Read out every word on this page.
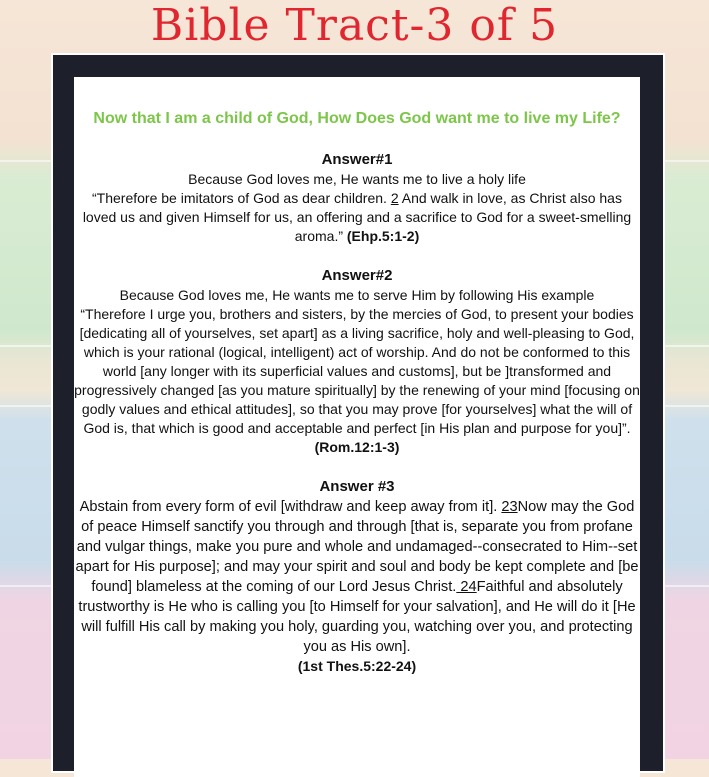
Bible Tract-3 of 5

Now that I am a child of God, How Does God want me to live my Life?

Answer#1

Because God loves me, He wants me to live a holy life

“Therefore be imitators of God as dear children. 2 And walk in love, as Christ also has loved us and given Himself for us, an offering and a sacrifice to God for a sweet-smelling aroma.” (Ehp.5:1-2)

Answer#2

Because God loves me, He wants me to serve Him by following His example

“Therefore I urge you, brothers and sisters, by the mercies of God, to present your bodies [dedicating all of yourselves, set apart] as a living sacrifice, holy and well-pleasing to God, which is your rational (logical, intelligent) act of worship. And do not be conformed to this world [any longer with its superficial values and customs], but be ]transformed and progressively changed [as you mature spiritually] by the renewing of your mind [focusing on godly values and ethical attitudes], so that you may prove [for yourselves] what the will of God is, that which is good and acceptable and perfect [in His plan and purpose for you]”. (Rom.12:1-3)

Answer #3

Abstain from every form of evil [withdraw and keep away from it]. 23Now may the God of peace Himself sanctify you through and through [that is, separate you from profane and vulgar things, make you pure and whole and undamaged--consecrated to Him--set apart for His purpose]; and may your spirit and soul and body be kept complete and [be found] blameless at the coming of our Lord Jesus Christ. 24Faithful and absolutely trustworthy is He who is calling you [to Himself for your salvation], and He will do it [He will fulfill His call by making you holy, guarding you, watching over you, and protecting you as His own].

(1st Thes.5:22-24)
